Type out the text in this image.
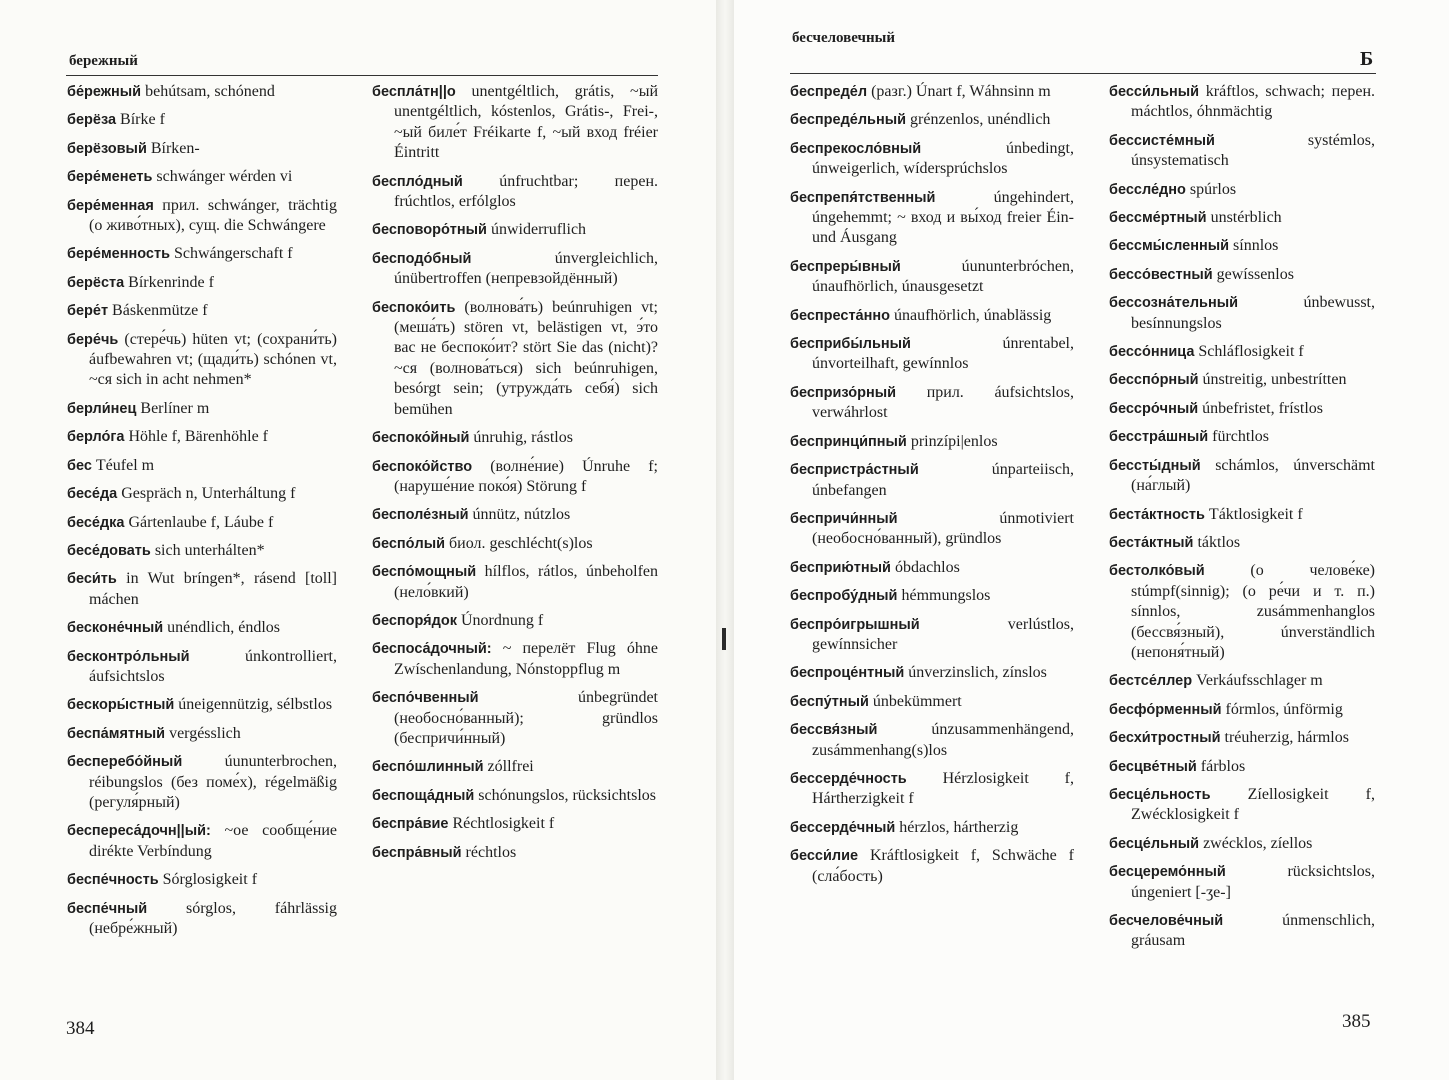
бережный
бе́режный behútsam, schónend
берёза Bírke f
берёзовый Bírken-
бере́менеть schwánger wérden vi
бере́менная прил. schwánger, träсhtig (о живо́тных), сущ. die Schwángere
бере́менность Schwángerschaft f
берёста Bírkenrinde f
бере́т Báskenmütze f
бере́чь (стере́чь) hüten vt; (сохрани́ть) áufbewahren vt; (щади́ть) schónen vt, ~ся sich in acht nehmen*
берли́нец Berlíner m
берло́га Höhle f, Bärenhöhle f
бес Téufel m
бесе́да Gespräch n, Unterháltung f
бесе́дка Gártenlaube f, Láube f
бесе́довать sich unterhálten*
беси́ть in Wut bríngen*, rásend [toll] máchen
бесконе́чный unéndlich, éndlos
бесконтро́льный únkontrolliert, áufsichtslos
бескоры́стный úneigennützig, sélbstlos
беспа́мятный vergésslich
бесперебо́йный úununterbrochen, réibungslos (без поме́х), régelmäßig (регуля́рный)
беспереса́дочн||ый: ~ое сообще́ние dirékte Verbíndung
беспе́чность Sórglosigkeit f
беспе́чный sórglos, fáhrlässig (небре́жный)
беспла́тн||о unentgéltlich, grátis, ~ый unentgéltlich, kóstenlos, Grátis-, Frei-, ~ый биле́т Fréikarte f, ~ый вход fréier Éintritt
беспло́дный únfruchtbar; перен. frúchtlos, erfólglos
бесповоро́тный únwiderruflich
бесподо́бный únvergleichlich, únübertroffen (непревзойдённый)
беспоко́ить (волнова́ть) beúnruhigen vt; (меша́ть) stören vt, belästigen vt, э́то вас не беспоко́ит? stört Sie das (nicht)? ~ся (волнова́ться) sich beúnruhigen, besórgt sein; (утружда́ть себя́) sich bemühen
беспоко́йный únruhig, rástlos
беспоко́йство (волне́ние) Únruhe f; (наруше́ние поко́я) Störung f
бесполе́зный únnütz, nútzlos
беспо́лый биол. geschlécht(s)los
беспо́мощный hílflos, rátlos, únbeholfen (нело́вкий)
беспоря́док Únordnung f
беспоса́дочный: ~ перелёт Flug óhne Zwíschenlandung, Nónstoppflug m
беспо́чвенный únbegründet (необосно́ванный); gründlos (беспричи́нный)
беспо́шлинный zóllfrei
беспоща́дный schónungslos, rücksichtslos
беспра́вие Réchtlosigkeit f
беспра́вный réchtlos
384
бесчеловечный
Б
беспреде́л (разг.) Únart f, Wáhnsinn m
беспреде́льный grénzenlos, unéndlich
беспрекосло́вный únbedingt, únweigerlich, wídersprúchslos
беспрепя́тственный úngehindert, úngehemmt; ~ вход и вы́ход freier Éin- und Áusgang
беспреры́вный úununterbróchen, únaufhörlich, únausgesetzt
беспреста́нно únaufhörlich, únablässig
бесприбы́льный únrentabel, únvorteilhaft, gewínnlos
беспризо́рный прил. áufsichtslos, verwáhrlost
беспринци́пный prinzípi|enlos
беспристра́стный únparteiisch, únbefangen
беспричи́нный únmotiviert (необосно́ванный), gründlos
бесприю́тный óbdachlos
беспробу́дный hémmungslos
беспро́игрышный verlústlos, gewínnsicher
беспроце́нтный únverzinslich, zínslos
беспу́тный únbekümmert
бессвя́зный únzusammenhängend, zusámmenhang(s)los
бессерде́чность Hérzlosigkeit f, Hártherzigkeit f
бессерде́чный hérzlos, hártherzig
бесси́лие Kráftlosigkeit f, Schwäche f (сла́бость)
бесси́льный kráftlos, schwach; перен. máchtlos, óhnmächtig
бессисте́мный systémlos, únsystematisch
бессле́дно spúrlos
бессме́ртный unstérblich
бессмы́сленный sínnlos
бессо́вестный gewíssenlos
бессозна́тельный únbewusst, besínnungslos
бессо́нница Schláflosigkeit f
бесспо́рный únstreitig, unbestrítten
бессро́чный únbefristet, frístlos
бесстра́шный fürchtlos
бессты́дный schámlos, únverschämt (на́глый)
беста́ктность Táktlosigkeit f
беста́ктный táktlos
бестолко́вый (о челове́ке) stúmpf(sinnig); (о ре́чи и т. п.) sínnlos, zusámmenhanglos (бессвя́зный), únverständlich (непоня́тный)
бестсе́ллер Verkáufsschlager m
бесфо́рменный fórmlos, únförmig
бесхи́тростный tréuherzig, hármlos
бесцве́тный fárblos
бесце́льность Zíellosigkeit f, Zwécklosigkeit f
бесце́льный zwécklos, zíellos
бесцеремо́нный rücksichtslos, úngeniert [-ʒe-]
бесчелове́чный únmenschlich, gráusam
385
